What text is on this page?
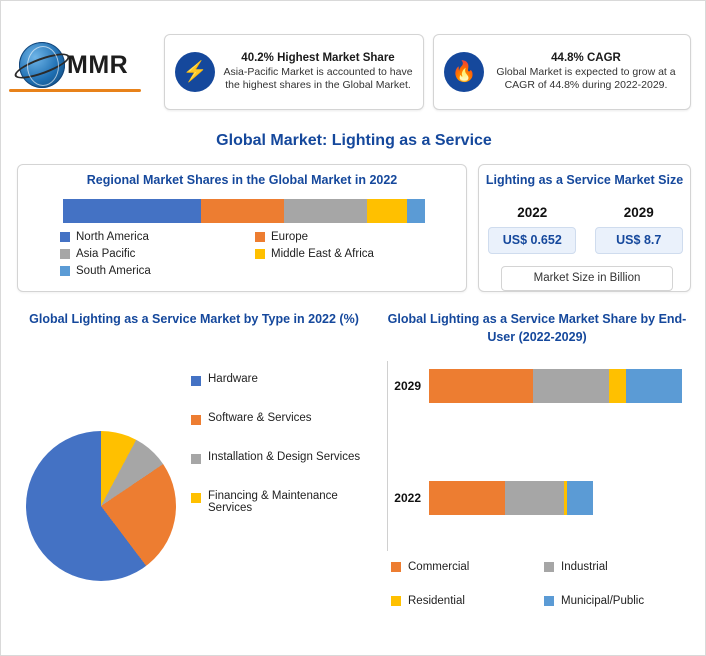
MMR	⚡
40.2% Highest Market Share
Asia-Pacific Market is accounted to have the highest shares in the Global Market.
🔥
44.8% CAGR
Global Market is expected to grow at a CAGR of 44.8% during 2022-2029.
Global Market: Lighting as a Service
Regional Market Shares in the Global Market in 2022
North America	Europe
Asia Pacific	Middle East & Africa
South America
Lighting as a Service Market Size
2022
US$ 0.652
2029
US$ 8.7
Market Size in Billion
Global Lighting as a Service Market by Type in 2022 (%)
Hardware
Software & Services
Installation & Design Services
Financing & Maintenance Services
Global Lighting as a Service Market Share by End-User (2022-2029)
2029
2022
Commercial	Industrial
Residential	Municipal/Public
